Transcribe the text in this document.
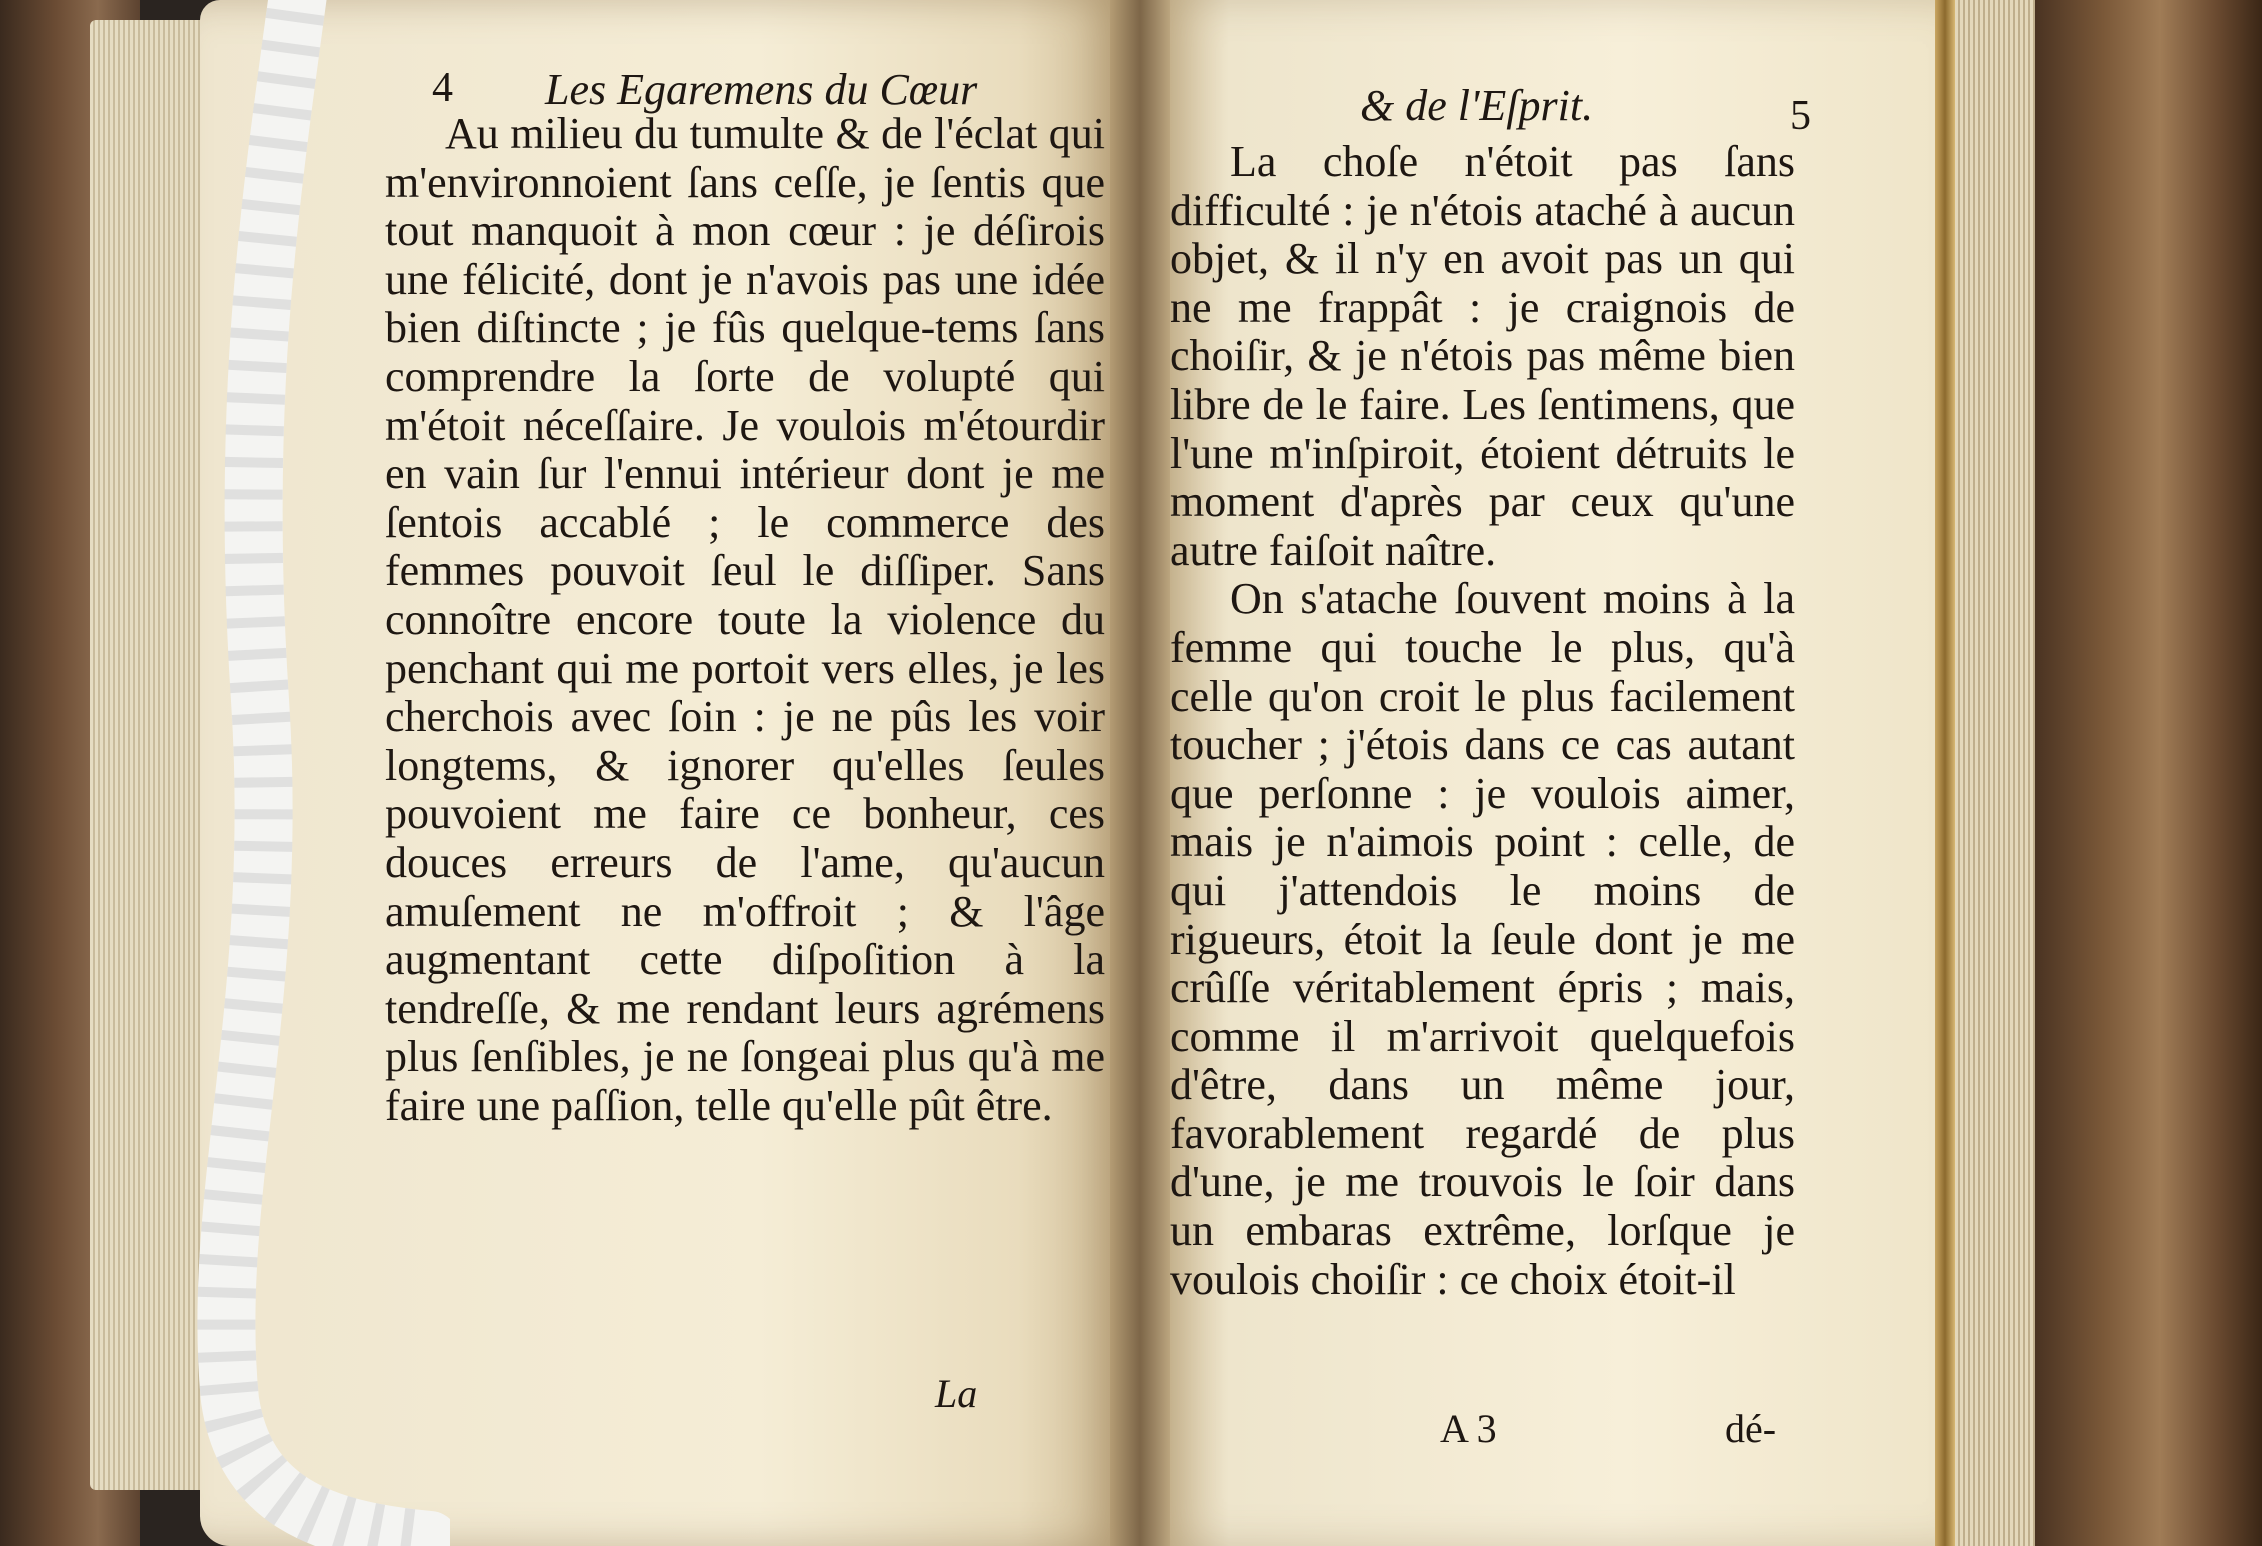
4 Les Egaremens du Cœur

Au milieu du tumulte & de l'éclat qui m'environnoient ſans ceſſe, je ſentis que tout manquoit à mon cœur : je déſirois une félicité, dont je n'avois pas une idée bien diſtincte ; je fûs quelque-tems ſans comprendre la ſorte de volupté qui m'étoit néceſſaire. Je voulois m'étourdir en vain ſur l'ennui intérieur dont je me ſentois accablé ; le commerce des femmes pouvoit ſeul le diſſiper. Sans connoître encore toute la violence du penchant qui me portoit vers elles, je les cherchois avec ſoin : je ne pûs les voir longtems, & ignorer qu'elles ſeules pouvoient me faire ce bonheur, ces douces erreurs de l'ame, qu'aucun amuſement ne m'offroit ; & l'âge augmentant cette diſpoſition à la tendreſſe, & me rendant leurs agrémens plus ſenſibles, je ne ſongeai plus qu'à me faire une paſſion, telle qu'elle pût être.

La
& de l'Eſprit.	5

La choſe n'étoit pas ſans difficulté : je n'étois ataché à aucun objet, & il n'y en avoit pas un qui ne me frappât : je craignois de choiſir, & je n'étois pas même bien libre de le faire. Les ſentimens, que l'une m'inſpiroit, étoient détruits le moment d'après par ceux qu'une autre faiſoit naître.

On s'atache ſouvent moins à la femme qui touche le plus, qu'à celle qu'on croit le plus facilement toucher ; j'étois dans ce cas autant que perſonne : je voulois aimer, mais je n'aimois point : celle, de qui j'attendois le moins de rigueurs, étoit la ſeule dont je me crûſſe véritablement épris ; mais, comme il m'arrivoit quelquefois d'être, dans un même jour, favorablement regardé de plus d'une, je me trouvois le ſoir dans un embaras extrême, lorſque je voulois choiſir : ce choix étoit-il

A 3	dé-
